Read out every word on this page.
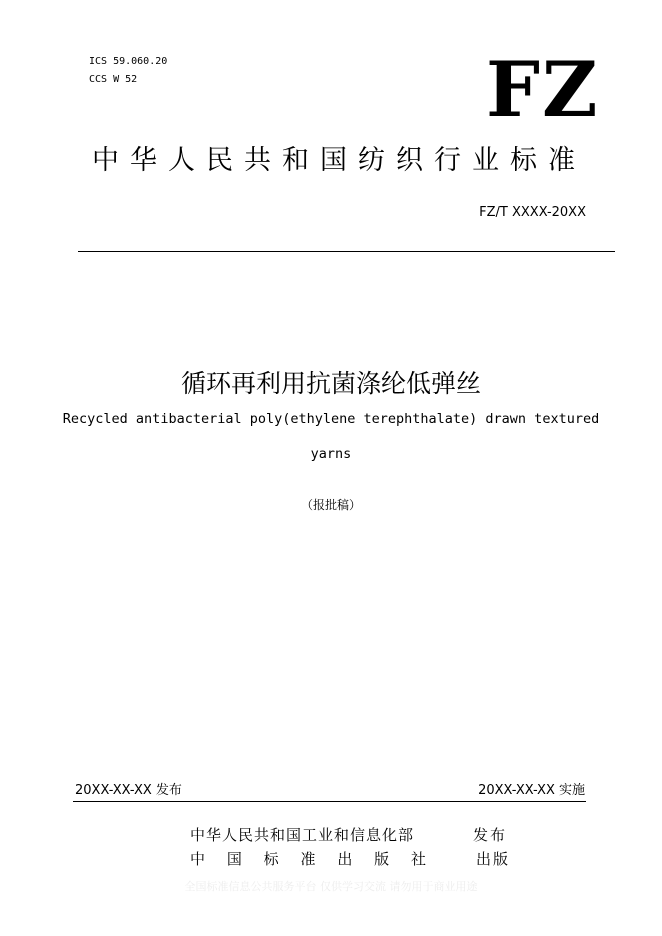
ICS 59.060.20
CCS W 52	FZ
中华人民共和国纺织行业标准
FZ/T XXXX-20XX
循环再利用抗菌涤纶低弹丝
Recycled antibacterial poly(ethylene terephthalate) drawn textured
yarns
（报批稿）
20XX-XX-XX 发布	20XX-XX-XX 实施
中华人民共和国工业和信息化部	发布
中 国 标 准 出 版 社	出版
全国标准信息公共服务平台 仅供学习交流 请勿用于商业用途
